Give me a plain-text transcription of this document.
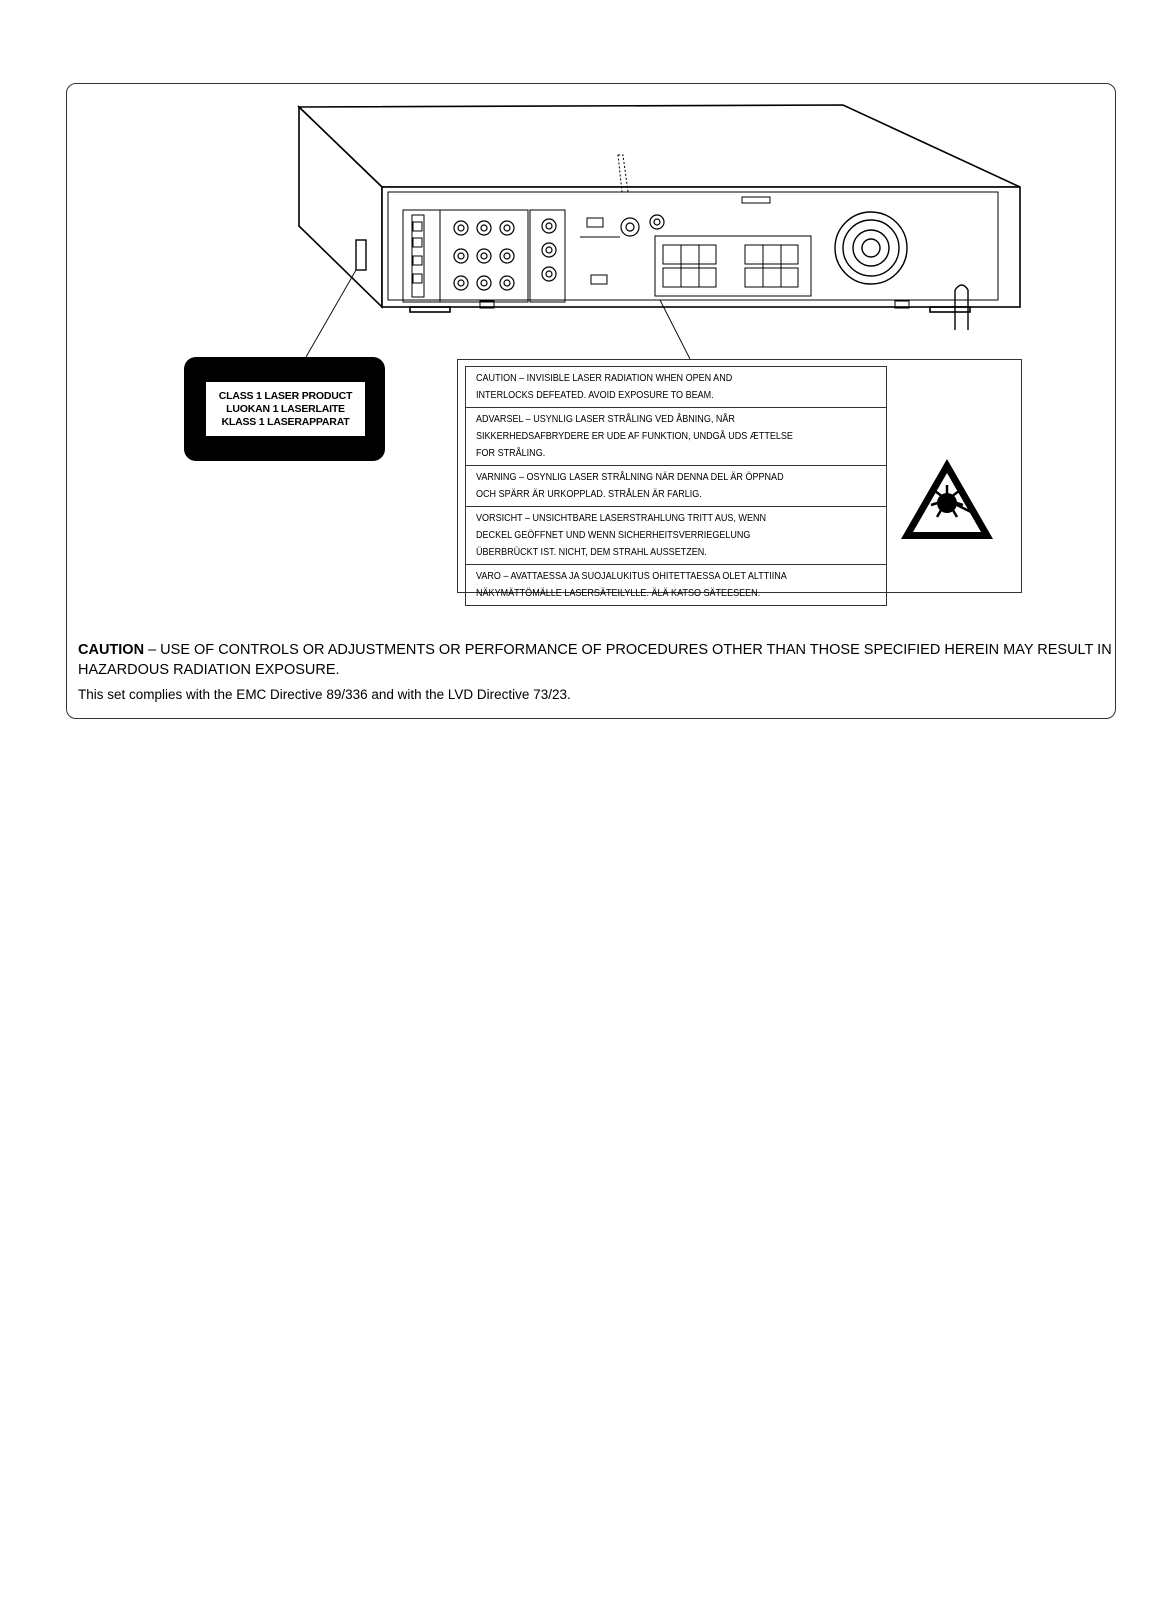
CLASS 1 LASER PRODUCT
LUOKAN 1 LASERLAITE
KLASS 1 LASERAPPARAT
CAUTION – INVISIBLE LASER RADIATION WHEN OPEN AND
INTERLOCKS DEFEATED. AVOID EXPOSURE TO BEAM.
ADVARSEL – USYNLIG LASER STRÅLING VED ÅBNING, NÅR
SIKKERHEDSAFBRYDERE ER UDE AF FUNKTION, UNDGÅ UDS ÆTTELSE
FOR STRÅLING.
VARNING – OSYNLIG LASER STRÅLNING NÄR DENNA DEL ÄR ÖPPNAD
OCH SPÄRR ÄR URKOPPLAD. STRÅLEN ÄR FARLIG.
VORSICHT – UNSICHTBARE LASERSTRAHLUNG TRITT AUS, WENN
DECKEL GEÖFFNET UND WENN SICHERHEITSVERRIEGELUNG
ÜBERBRÜCKT IST. NICHT, DEM STRAHL AUSSETZEN.
VARO – AVATTAESSA JA SUOJALUKITUS OHITETTAESSA OLET ALTTIINA
NÄKYMÄTTÖMÄLLE LASERSÄTEILYLLE. ÄLÄ KATSO SÄTEESEEN.
CAUTION – USE OF CONTROLS OR ADJUSTMENTS OR PERFORMANCE OF PROCEDURES OTHER THAN THOSE SPECIFIED HEREIN MAY RESULT IN HAZARDOUS RADIATION EXPOSURE.
This set complies with the EMC Directive 89/336 and with the LVD Directive 73/23.
